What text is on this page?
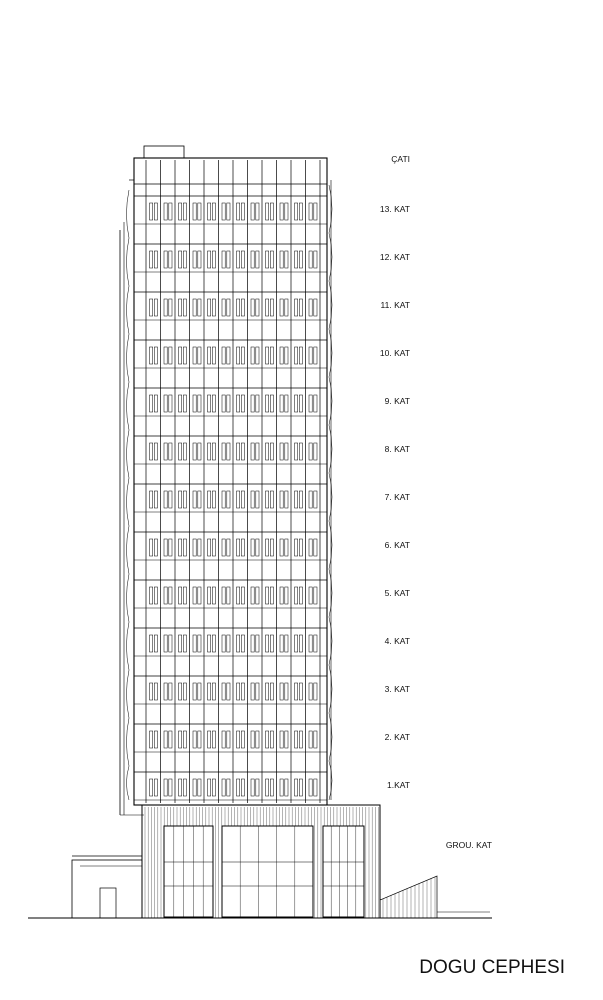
13. KAT
12. KAT
11. KAT
10. KAT
9. KAT
8. KAT
7. KAT
6. KAT
5. KAT
4. KAT
3. KAT
2. KAT
1.KAT
ÇATI
GROU. KAT
DOGU CEPHESI
